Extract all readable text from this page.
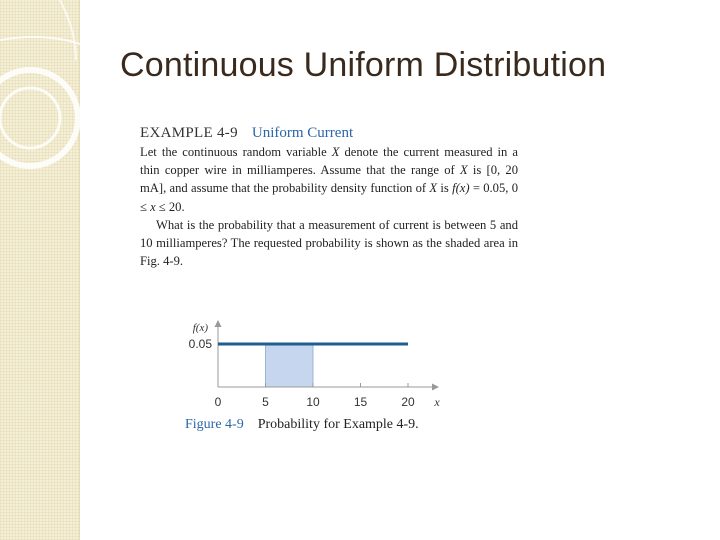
Continuous Uniform Distribution
EXAMPLE 4-9 Uniform Current

Let the continuous random variable X denote the current measured in a thin copper wire in milliamperes. Assume that the range of X is [0, 20 mA], and assume that the probability density function of X is f(x) = 0.05, 0 ≤ x ≤ 20.

What is the probability that a measurement of current is between 5 and 10 milliamperes? The requested probability is shown as the shaded area in Fig. 4-9.

0	5	10	15	20
0.05
x
f(x)
Figure 4-9 Probability for Example 4-9.
